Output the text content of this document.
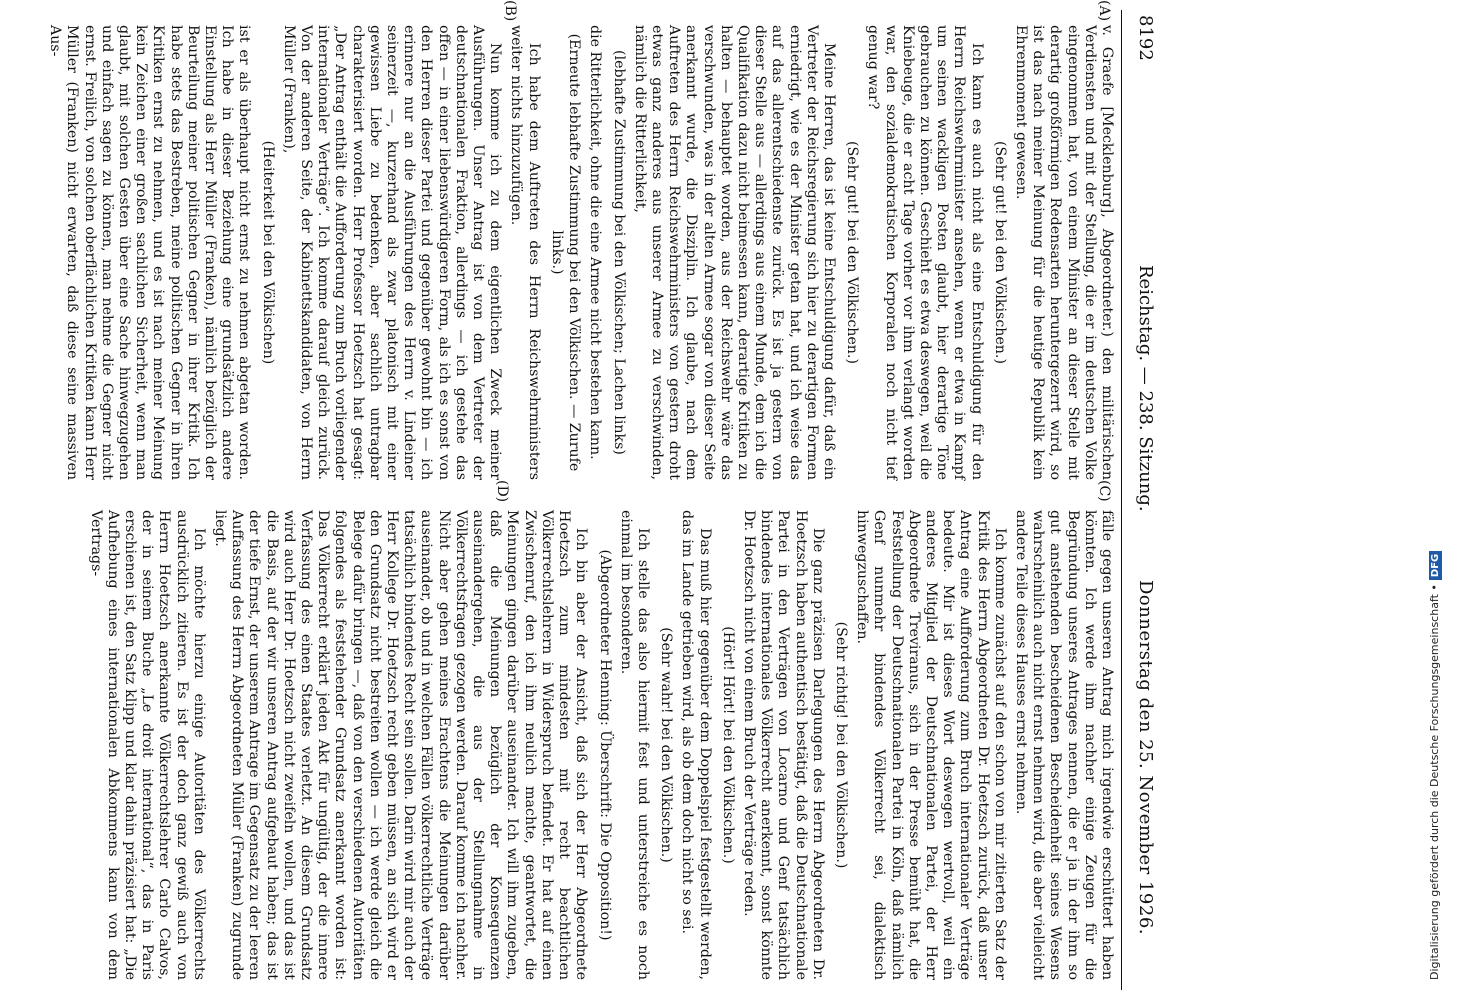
8192
Reichstag. — 238. Sitzung.
Donnerstag den 25. November 1926.
(A)
(B)
(C)
(D)

v. Graefe [Mecklenburg], Abgeordneter.) den militärischen Verdiensten und mit der Stellung, die er im deutschen Volke eingenommen hat, von einem Minister an dieser Stelle mit derartig großförmigen Redensarten heruntergezerrt wird, so ist das nach meiner Meinung für die heutige Republik kein Ehrenmoment gewesen.

(Sehr gut! bei den Völkischen.)

Ich kann es auch nicht als eine Entschuldigung für den Herrn Reichswehrminister ansehen, wenn er etwa in Kampf um seinen wackligen Posten glaubt, hier derartige Töne gebrauchen zu können. Geschieht es etwa deswegen, weil die Kniebeuge, die er acht Tage vorher vor ihm verlangt worden war, den sozialdemokratischen Korporalen noch nicht tief genug war?

(Sehr gut! bei den Völkischen.)

Meine Herren, das ist keine Entschuldigung dafür, daß ein Vertreter der Reichsregierung sich hier zu derartigen Formen erniedrigt, wie es der Minister getan hat, und ich weise das auf das allerentschiedenste zurück. Es ist ja gestern von dieser Stelle aus — allerdings aus einem Munde, dem ich die Qualifikation dazu nicht beimessen kann, derartige Kritiken zu halten — behauptet worden, aus der Reichswehr wäre das verschwunden, was in der alten Armee sogar von dieser Seite anerkannt wurde, die Disziplin. Ich glaube, nach dem Auftreten des Herrn Reichswehrministers von gestern droht etwas ganz anderes aus unserer Armee zu verschwinden, nämlich die Ritterlichkeit,

(lebhafte Zustimmung bei den Völkischen; Lachen links)

die Ritterlichkeit, ohne die eine Armee nicht bestehen kann.

(Erneute lebhafte Zustimmung bei den Völkischen. — Zurufe links.)

Ich habe dem Auftreten des Herrn Reichswehrministers weiter nichts hinzuzufügen.

Nun komme ich zu dem eigentlichen Zweck meiner Ausführungen. Unser Antrag ist von dem Vertreter der deutschnationalen Fraktion, allerdings — ich gestehe das offen — in einer liebenswürdigeren Form, als ich es sonst von den Herren dieser Partei und gegenüber gewohnt bin — ich erinnere nur an die Ausführungen des Herrn v. Lindeiner seinerzeit —, kurzerhand als zwar platonisch mit einer gewissen Liebe zu bedenken, aber sachlich untragbar charakterisiert worden. Herr Professor Hoetzsch hat gesagt: „Der Antrag enthält die Aufforderung zum Bruch vorliegender internationaler Verträge“. Ich komme darauf gleich zurück. Von der anderen Seite, der Kabinettskandidaten, von Herrn Müller (Franken),

(Heiterkeit bei den Völkischen)

ist er als überhaupt nicht ernst zu nehmen abgetan worden. Ich habe in dieser Beziehung eine grundsätzlich andere Einstellung als Herr Müller (Franken), nämlich bezüglich der Beurteilung meiner politischen Gegner in ihrer Kritik. Ich habe stets das Bestreben, meine politischen Gegner in ihren Kritiken ernst zu nehmen, und es ist nach meiner Meinung kein Zeichen einer großen sachlichen Sicherheit, wenn man glaubt, mit solchen Gesten über eine Sache hinwegzugehen und einfach sagen zu können, man nehme die Gegner nicht ernst. Freilich, von solchen oberflächlichen Kritiken kann Herr Müller (Franken) nicht erwarten, daß diese seine massiven Aus-

fälle gegen unseren Antrag mich irgendwie erschüttert haben könnten. Ich werde ihm nachher einige Zeugen für die Begründung unseres Antrages nennen, die er ja in der ihm so gut anstehenden bescheidenen Bescheidenheit seines Wesens wahrscheinlich auch nicht ernst nehmen wird, die aber vielleicht andere Teile dieses Hauses ernst nehmen.

Ich komme zunächst auf den schon von mir zitierten Satz der Kritik des Herrn Abgeordneten Dr. Hoetzsch zurück, daß unser Antrag eine Aufforderung zum Bruch internationaler Verträge bedeute. Mir ist dieses Wort deswegen wertvoll, weil ein anderes Mitglied der Deutschnationalen Partei, der Herr Abgeordnete Treviranus, sich in der Presse bemüht hat, die Feststellung der Deutschnationalen Partei in Köln, daß nämlich Genf nunmehr bindendes Völkerrecht sei, dialektisch hinwegzuschaffen.

(Sehr richtig! bei den Völkischen.)

Die ganz präzisen Darlegungen des Herrn Abgeordneten Dr. Hoetzsch haben authentisch bestätigt, daß die Deutschnationale Partei in den Verträgen von Locarno und Genf tatsächlich bindendes internationales Völkerrecht anerkennt, sonst könnte Dr. Hoetzsch nicht von einem Bruch der Verträge reden.

(Hört! Hört! bei den Völkischen.)

Das muß hier gegenüber dem Doppelspiel festgestellt werden, das im Lande getrieben wird, als ob dem doch nicht so sei.

(Sehr wahr! bei den Völkischen.)

Ich stelle das also hiermit fest und unterstreiche es noch einmal im besonderen.

(Abgeordneter Henning: Überschrift: Die Opposition!)

Ich bin aber der Ansicht, daß sich der Herr Abgeordnete Hoetzsch zum mindesten mit recht beachtlichen Völkerrechtslehrern in Widerspruch befindet. Er hat auf einen Zwischenruf, den ich ihm neulich machte, geantwortet, die Meinungen gingen darüber auseinander. Ich will ihm zugeben, daß die Meinungen bezüglich der Konsequenzen auseinandergehen, die aus der Stellungnahme in Völkerrechtsfragen gezogen werden. Darauf komme ich nachher. Nicht aber gehen meines Erachtens die Meinungen darüber auseinander, ob und in welchen Fällen völkerrechtliche Verträge tatsächlich bindendes Recht sein sollen. Darin wird mir auch der Herr Kollege Dr. Hoetzsch recht geben müssen, an sich wird er den Grundsatz nicht bestreiten wollen — ich werde gleich die Belege dafür bringen —, daß von den verschiedenen Autoritäten folgendes als feststehender Grundsatz anerkannt worden ist: Das Völkerrecht erklärt jeden Akt für ungültig, der die innere Verfassung des einen Staates verletzt. An diesem Grundsatz wird auch Herr Dr. Hoetzsch nicht zweifeln wollen, und das ist die Basis, auf der wir unseren Antrag aufgebaut haben; das ist der tiefe Ernst, der unserem Antrage im Gegensatz zu der leeren Auffassung des Herrn Abgeordneten Müller (Franken) zugrunde liegt.

Ich möchte hierzu einige Autoritäten des Völkerrechts ausdrücklich zitieren. Es ist der doch ganz gewiß auch von Herrn Hoetzsch anerkannte Völkerrechtslehrer Carlo Calvos, der in seinem Buche „Le droit international“, das in Paris erschienen ist, den Satz klipp und klar dahin präzisiert hat: „Die Aufhebung eines internationalen Abkommens kann von dem Vertrags-

Digitalisierung gefördert durch die Deutsche Forschungsgemeinschaft •DFG
